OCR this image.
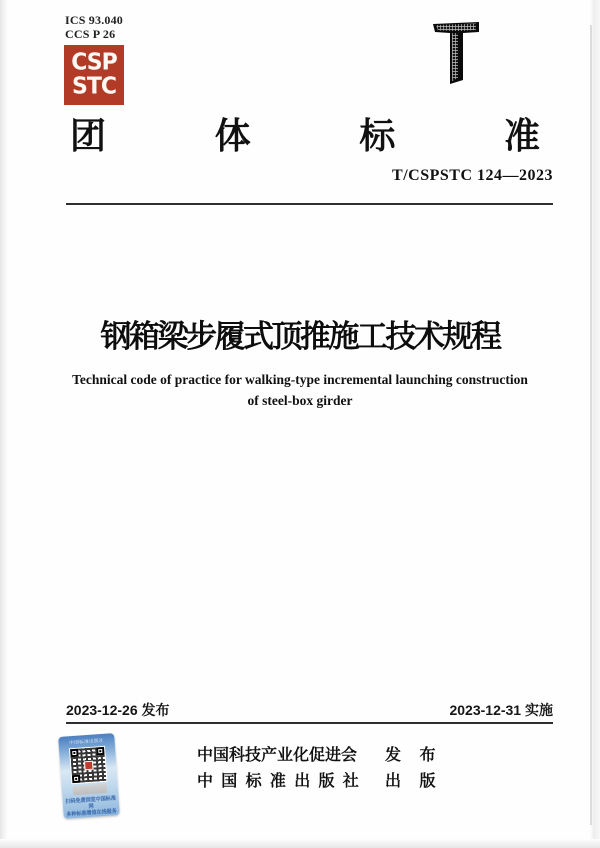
ICS 93.040
CCS P 26
CSP
STC
团	体	标	准
T/CSPSTC 124—2023
钢箱梁步履式顶推施工技术规程
Technical code of practice for walking-type incremental launching construction
of steel-box girder
2023-12-26 发布	2023-12-31 实施
中国科技产业化促进会 发 布
中国标准出版社 出 版
中国标准出版社
扫码免费浏览中国标准网
多种标准增值在线服务
